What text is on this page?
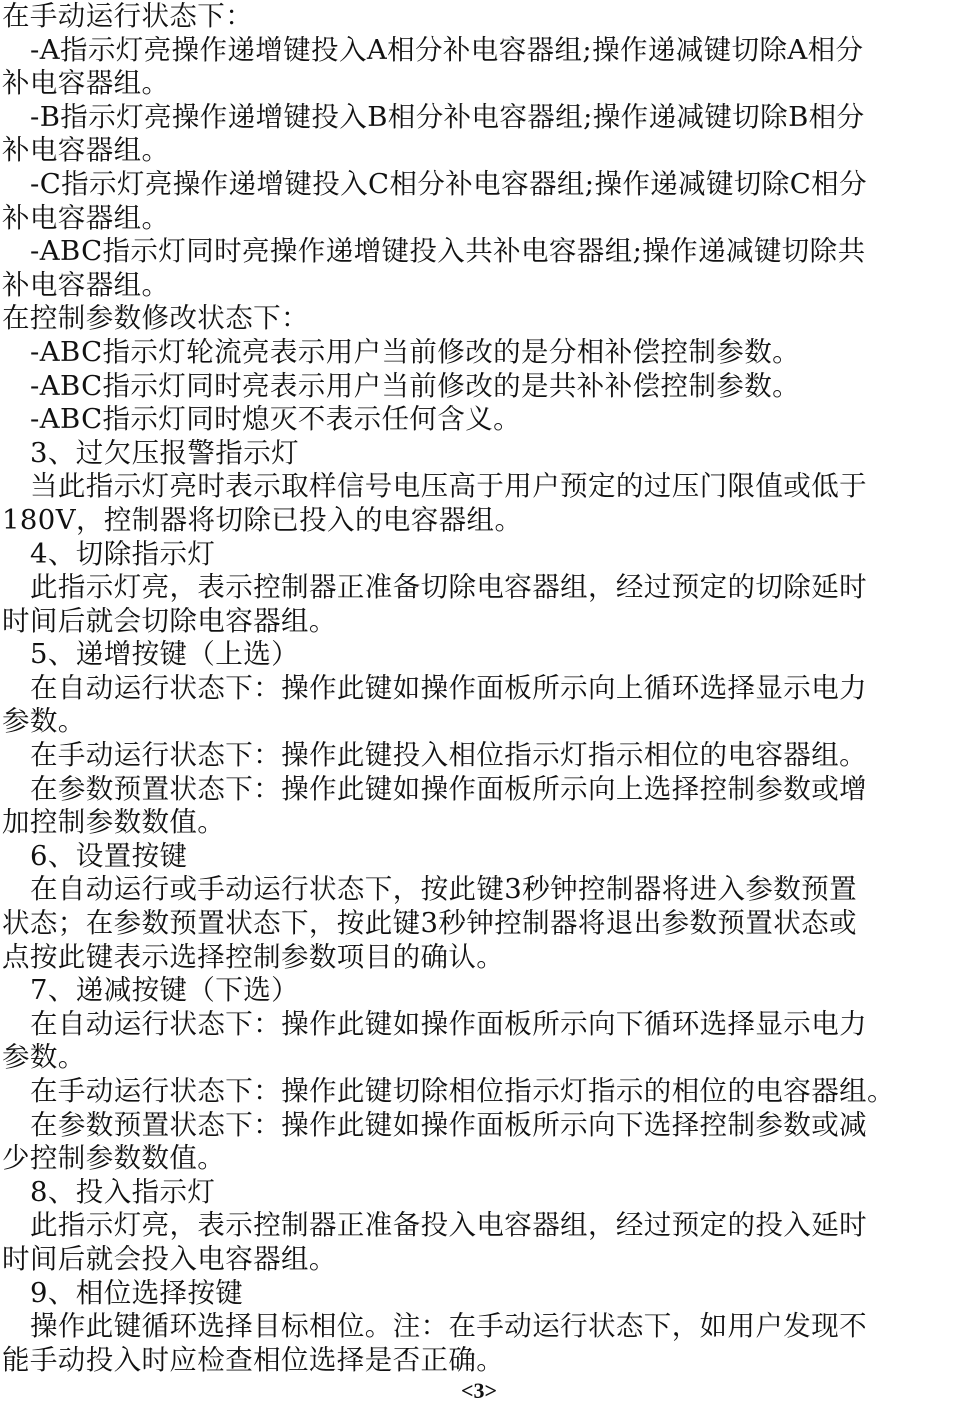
在手动运行状态下：
-A指示灯亮操作递增键投入A相分补电容器组;操作递减键切除A相分
补电容器组。
-B指示灯亮操作递增键投入B相分补电容器组;操作递减键切除B相分
补电容器组。
-C指示灯亮操作递增键投入C相分补电容器组;操作递减键切除C相分
补电容器组。
-ABC指示灯同时亮操作递增键投入共补电容器组;操作递减键切除共
补电容器组。
在控制参数修改状态下：
-ABC指示灯轮流亮表示用户当前修改的是分相补偿控制参数。
-ABC指示灯同时亮表示用户当前修改的是共补补偿控制参数。
-ABC指示灯同时熄灭不表示任何含义。
3、过欠压报警指示灯
当此指示灯亮时表示取样信号电压高于用户预定的过压门限值或低于
180V，控制器将切除已投入的电容器组。
4、切除指示灯
此指示灯亮，表示控制器正准备切除电容器组，经过预定的切除延时
时间后就会切除电容器组。
5、递增按键（上选）
在自动运行状态下：操作此键如操作面板所示向上循环选择显示电力
参数。
在手动运行状态下：操作此键投入相位指示灯指示相位的电容器组。
在参数预置状态下：操作此键如操作面板所示向上选择控制参数或增
加控制参数数值。
6、设置按键
在自动运行或手动运行状态下，按此键3秒钟控制器将进入参数预置
状态；在参数预置状态下，按此键3秒钟控制器将退出参数预置状态或
点按此键表示选择控制参数项目的确认。
7、递减按键（下选）
在自动运行状态下：操作此键如操作面板所示向下循环选择显示电力
参数。
在手动运行状态下：操作此键切除相位指示灯指示的相位的电容器组。
在参数预置状态下：操作此键如操作面板所示向下选择控制参数或减
少控制参数数值。
8、投入指示灯
此指示灯亮，表示控制器正准备投入电容器组，经过预定的投入延时
时间后就会投入电容器组。
9、相位选择按键
操作此键循环选择目标相位。注：在手动运行状态下，如用户发现不
能手动投入时应检查相位选择是否正确。
<3>
